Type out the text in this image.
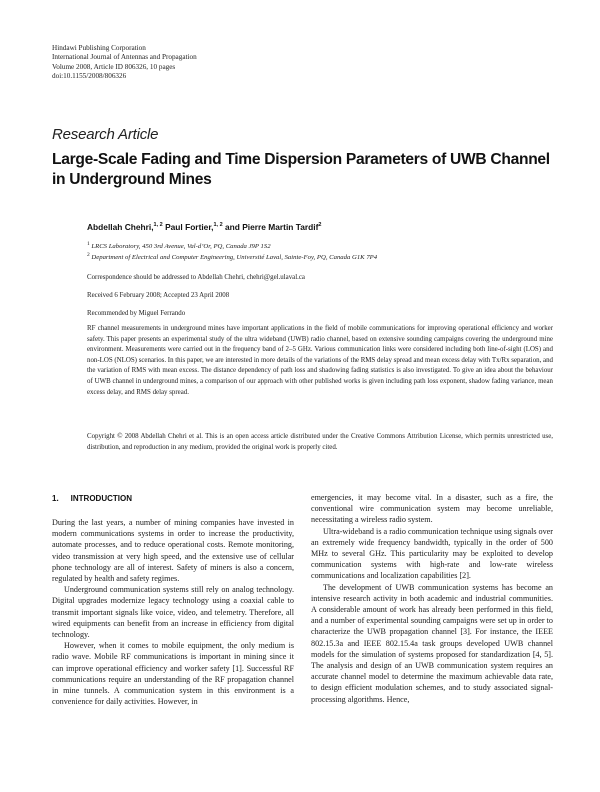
Hindawi Publishing Corporation
International Journal of Antennas and Propagation
Volume 2008, Article ID 806326, 10 pages
doi:10.1155/2008/806326
Research Article
Large-Scale Fading and Time Dispersion Parameters of UWB Channel in Underground Mines
Abdellah Chehri,$^{1, 2}$ Paul Fortier,$^{1, 2}$ and Pierre Martin Tardif$^2$
$^1$ LRCS Laboratory, 450 3rd Avenue, Val-d’Or, PQ, Canada J9P 1S2
$^2$ Department of Electrical and Computer Engineering, Université Laval, Sainte-Foy, PQ, Canada G1K 7P4
Correspondence should be addressed to Abdellah Chehri, chehri@gel.ulaval.ca
Received 6 February 2008; Accepted 23 April 2008
Recommended by Miguel Ferrando
RF channel measurements in underground mines have important applications in the field of mobile communications for improving operational efficiency and worker safety. This paper presents an experimental study of the ultra wideband (UWB) radio channel, based on extensive sounding campaigns covering the underground mine environment. Measurements were carried out in the frequency band of 2–5 GHz. Various communication links were considered including both line-of-sight (LOS) and non-LOS (NLOS) scenarios. In this paper, we are interested in more details of the variations of the RMS delay spread and mean excess delay with Tx/Rx separation, and the variation of RMS with mean excess. The distance dependency of path loss and shadowing fading statistics is also investigated. To give an idea about the behaviour of UWB channel in underground mines, a comparison of our approach with other published works is given including path loss exponent, shadow fading variance, mean excess delay, and RMS delay spread.
Copyright © 2008 Abdellah Chehri et al. This is an open access article distributed under the Creative Commons Attribution License, which permits unrestricted use, distribution, and reproduction in any medium, provided the original work is properly cited.
1. INTRODUCTION

During the last years, a number of mining companies have invested in modern communications systems in order to increase the productivity, automate processes, and to reduce operational costs. Remote monitoring, video transmission at very high speed, and the extensive use of cellular phone technology are all of interest. Safety of miners is also a concern, regulated by health and safety regimes.

Underground communication systems still rely on analog technology. Digital upgrades modernize legacy technology using a coaxial cable to transmit important signals like voice, video, and telemetry. Therefore, all wired equipments can benefit from an increase in efficiency from digital technology.

However, when it comes to mobile equipment, the only medium is radio wave. Mobile RF communications is important in mining since it can improve operational efficiency and worker safety [1]. Successful RF communications require an understanding of the RF propagation channel in mine tunnels. A communication system in this environment is a convenience for daily activities. However, in

emergencies, it may become vital. In a disaster, such as a fire, the conventional wire communication system may become unreliable, necessitating a wireless radio system.

Ultra-wideband is a radio communication technique using signals over an extremely wide frequency bandwidth, typically in the order of 500 MHz to several GHz. This particularity may be exploited to develop communication systems with high-rate and low-rate wireless communications and localization capabilities [2].

The development of UWB communication systems has become an intensive research activity in both academic and industrial communities. A considerable amount of work has already been performed in this field, and a number of experimental sounding campaigns were set up in order to characterize the UWB propagation channel [3]. For instance, the IEEE 802.15.3a and IEEE 802.15.4a task groups developed UWB channel models for the simulation of systems proposed for standardization [4, 5]. The analysis and design of an UWB communication system requires an accurate channel model to determine the maximum achievable data rate, to design efficient modulation schemes, and to study associated signal-processing algorithms. Hence,
